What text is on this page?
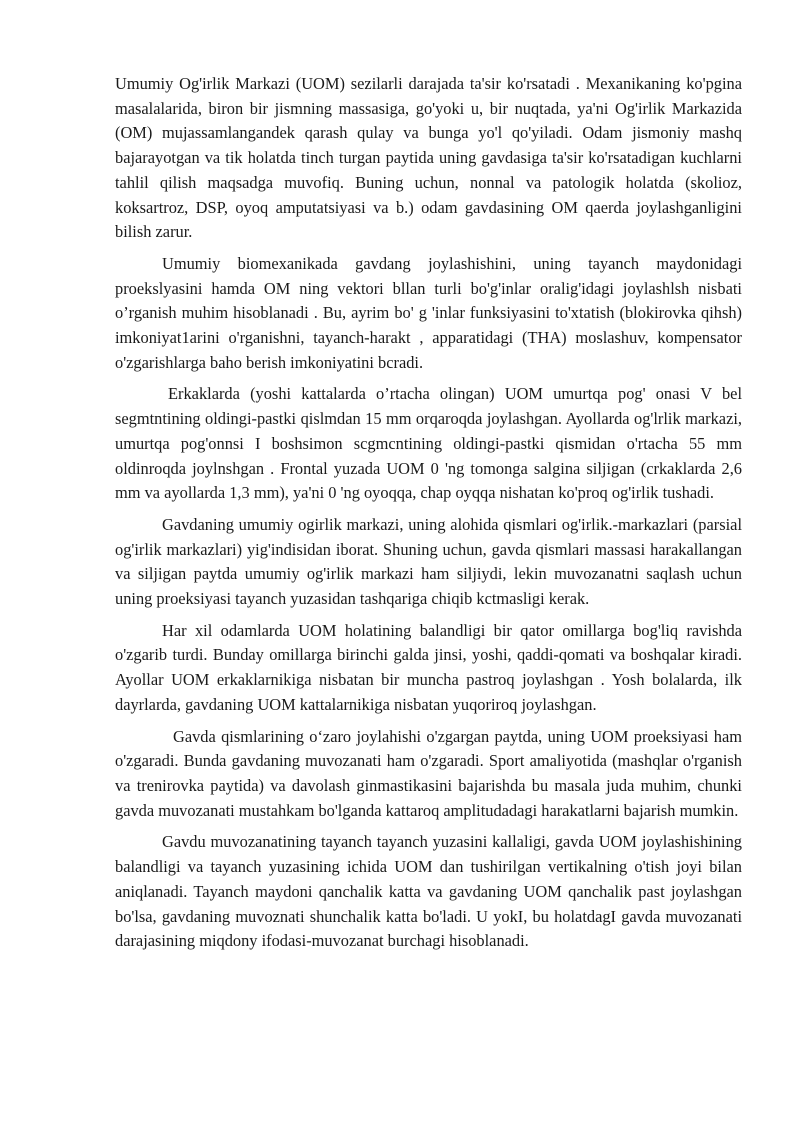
Umumiy Og'irlik Markazi (UOM) sezilarli darajada ta'sir ko'rsatadi . Mexanikaning ko'pgina masalalarida, biron bir jismning massasiga, go'yoki u, bir nuqtada, ya'ni Og'irlik Markazida (OM) mujassamlangandek qarash qulay va bunga yo'l qo'yiladi. Odam jismoniy mashq bajarayotgan va tik holatda tinch turgan paytida uning gavdasiga ta'sir ko'rsatadigan kuchlarni tahlil qilish maqsadga muvofiq. Buning uchun, nonnal va patologik holatda (skolioz, koksartroz, DSP, oyoq amputatsiyasi va b.) odam gavdasining OM qaerda joylashganligini bilish zarur.

Umumiy biomexanikada gavdang joylashishini, uning tayanch maydonidagi proekslyasini hamda OM ning vektori bllan turli bo'g'inlar oralig'idagi joylashlsh nisbati o’rganish muhim hisoblanadi . Bu, ayrim bo' g 'inlar funksiyasini to'xtatish (blokirovka qihsh) imkoniyat1arini o'rganishni, tayanch-harakt , apparatidagi (THA) moslashuv, kompensator o'zgarishlarga baho berish imkoniyatini bcradi.

Erkaklarda (yoshi kattalarda o’rtacha olingan) UOM umurtqa pog' onasi V bel segmtntining oldingi-pastki qislmdan 15 mm orqaroqda joylashgan. Ayollarda og'lrlik markazi, umurtqa pog'onnsi I boshsimon scgmcntining oldingi-pastki qismidan o'rtacha 55 mm oldinroqda joylnshgan . Frontal yuzada UOM 0 'ng tomonga salgina siljigan (crkaklarda 2,6 mm va ayollarda 1,3 mm), ya'ni 0 'ng oyoqqa, chap oyqqa nishatan ko'proq og'irlik tushadi.

Gavdaning umumiy ogirlik markazi, uning alohida qismlari og'irlik.-markazlari (parsial og'irlik markazlari) yig'indisidan iborat. Shuning uchun, gavda qismlari massasi harakallangan va siljigan paytda umumiy og'irlik markazi ham siljiydi, lekin muvozanatni saqlash uchun uning proeksiyasi tayanch yuzasidan tashqariga chiqib kctmasligi kerak.

Har xil odamlarda UOM holatining balandligi bir qator omillarga bog'liq ravishda o'zgarib turdi. Bunday omillarga birinchi galda jinsi, yoshi, qaddi-qomati va boshqalar kiradi. Ayollar UOM erkaklarnikiga nisbatan bir muncha pastroq joylashgan . Yosh bolalarda, ilk dayrlarda, gavdaning UOM kattalarnikiga nisbatan yuqoriroq joylashgan.

Gavda qismlarining oʻzaro joylahishi o'zgargan paytda, uning UOM proeksiyasi ham o'zgaradi. Bunda gavdaning muvozanati ham o'zgaradi. Sport amaliyotida (mashqlar o'rganish va trenirovka paytida) va davolash ginmastikasini bajarishda bu masala juda muhim, chunki gavda muvozanati mustahkam bo'lganda kattaroq amplitudadagi harakatlarni bajarish mumkin.

Gavdu muvozanatining tayanch tayanch yuzasini kallaligi, gavda UOM joylashishining balandligi va tayanch yuzasining ichida UOM dan tushirilgan vertikalning o'tish joyi bilan aniqlanadi. Tayanch maydoni qanchalik katta va gavdaning UOM qanchalik past joylashgan bo'lsa, gavdaning muvoznati shunchalik katta bo'ladi. U yokI, bu holatdagI gavda muvozanati darajasining miqdony ifodasi-muvozanat burchagi hisoblanadi.
